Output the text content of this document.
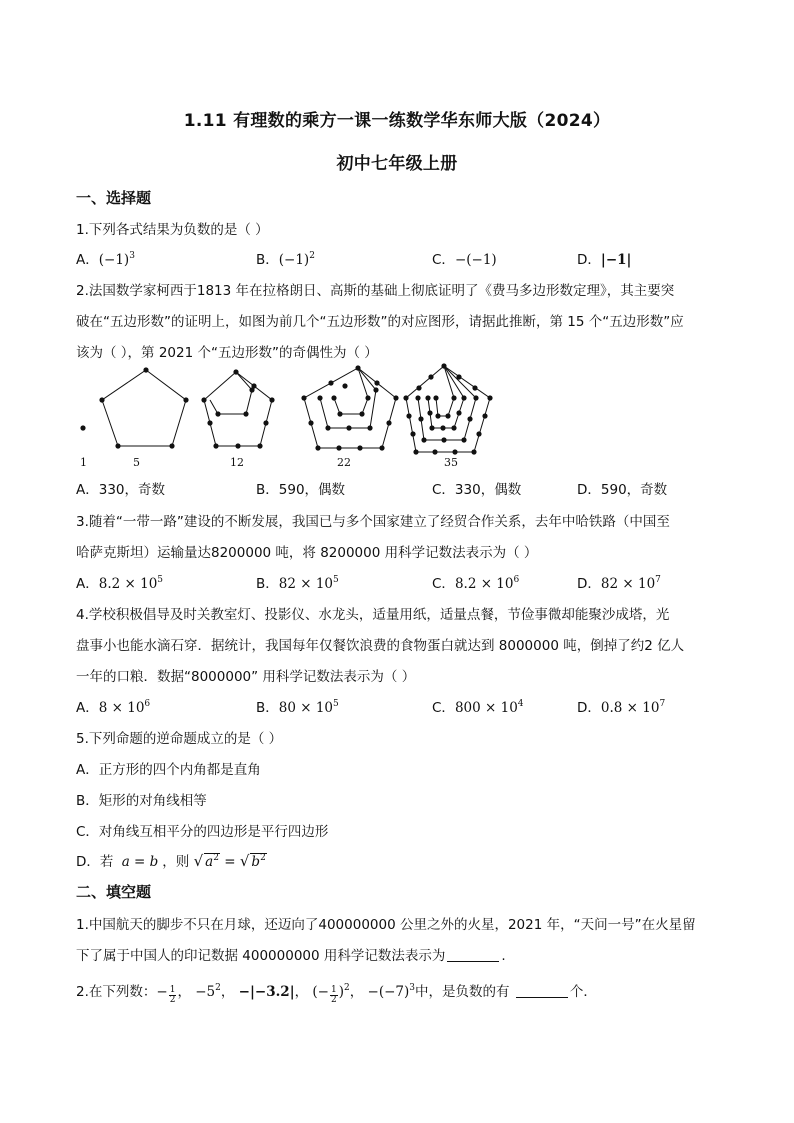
1.11 有理数的乘方一课一练数学华东师大版（2024）
初中七年级上册
一、选择题
1.下列各式结果为负数的是（ ）
A．$(-1)^3$	B．$(-1)^2$	C．−(−1)	D．|−1|
2.法国数学家柯西于1813 年在拉格朗日、高斯的基础上彻底证明了《费马多边形数定理》，其主要突
破在“五边形数”的证明上，如图为前几个“五边形数”的对应图形，请据此推断，第 15 个“五边形数”应
该为（ ），第 2021 个“五边形数”的奇偶性为（ ）
1	5	12	22	35
A．330，奇数	B．590，偶数	C．330，偶数	D．590，奇数
3.随着“一带一路”建设的不断发展，我国已与多个国家建立了经贸合作关系，去年中哈铁路（中国至
哈萨克斯坦）运输量达8200000 吨，将 8200000 用科学记数法表示为（ ）
A．$8.2 \times 10^5$	B．$82 \times 10^5$	C．$8.2 \times 10^6$	D．$82 \times 10^7$
4.学校积极倡导及时关教室灯、投影仪、水龙头，适量用纸，适量点餐，节俭事微却能聚沙成塔，光
盘事小也能水滴石穿．据统计，我国每年仅餐饮浪费的食物蛋白就达到 8000000 吨，倒掉了约2 亿人
一年的口粮．数据“8000000” 用科学记数法表示为（ ）
A．$8 \times 10^6$	B．$80 \times 10^5$	C．$800 \times 10^4$	D．$0.8 \times 10^7$
5.下列命题的逆命题成立的是（ ）
A．正方形的四个内角都是直角
B．矩形的对角线相等
C．对角线互相平分的四边形是平行四边形
D．若 a = b ，则 √ $a^2$ = √ $b^2$
二、填空题
1.中国航天的脚步不只在月球，还迈向了400000000 公里之外的火星，2021 年，“天问一号”在火星留
下了属于中国人的印记数据 400000000 用科学记数法表示为	.
2.在下列数：− $\frac{1}{2}$ ， $-5^2$， −|−3.2|， (− $\frac{1}{2} )^2$， $-(-7)^3$中，是负数的有	个．
